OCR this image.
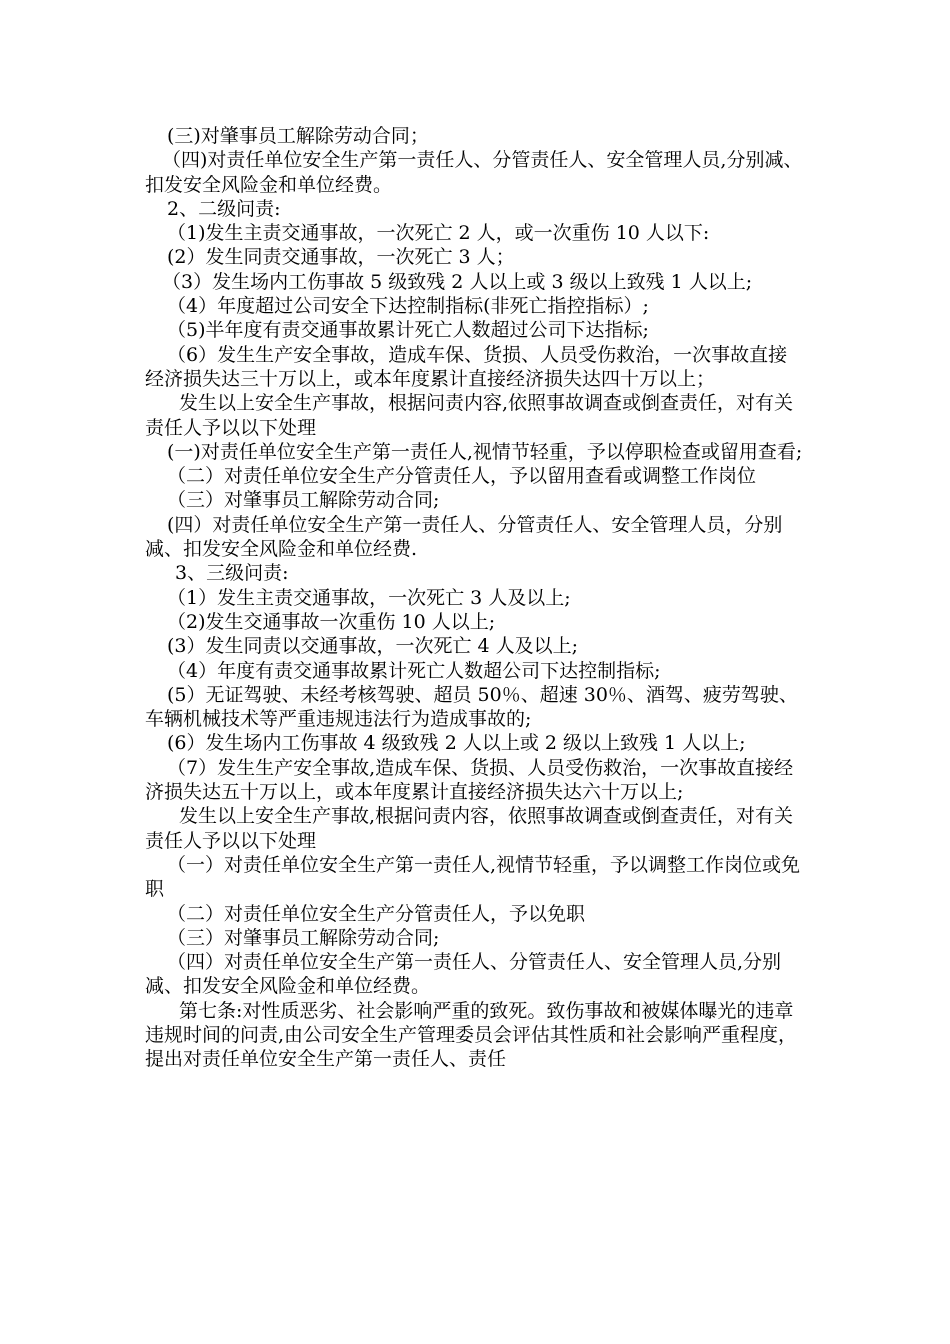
(三)对肇事员工解除劳动合同；

（四)对责任单位安全生产第一责任人、分管责任人、安全管理人员,分别减、扣发安全风险金和单位经费。

2、二级问责:

（1)发生主责交通事故，一次死亡 2 人，或一次重伤 10 人以下:

(2）发生同责交通事故，一次死亡 3 人；

（3）发生场内工伤事故 5 级致残 2 人以上或 3 级以上致残 1 人以上;

（4）年度超过公司安全下达控制指标(非死亡指控指标）;

（5)半年度有责交通事故累计死亡人数超过公司下达指标;

（6）发生生产安全事故，造成车保、货损、人员受伤救治，一次事故直接经济损失达三十万以上，或本年度累计直接经济损失达四十万以上；

发生以上安全生产事故，根据问责内容,依照事故调查或倒查责任，对有关责任人予以以下处理

(一)对责任单位安全生产第一责任人,视情节轻重，予以停职检查或留用查看;

（二）对责任单位安全生产分管责任人，予以留用查看或调整工作岗位

（三）对肇事员工解除劳动合同;

(四）对责任单位安全生产第一责任人、分管责任人、安全管理人员，分别减、扣发安全风险金和单位经费.

3、三级问责:

（1）发生主责交通事故，一次死亡 3 人及以上;

（2)发生交通事故一次重伤 10 人以上;

(3）发生同责以交通事故，一次死亡 4 人及以上;

（4）年度有责交通事故累计死亡人数超公司下达控制指标;

(5）无证驾驶、未经考核驾驶、超员 50％、超速 30％、酒驾、疲劳驾驶、车辆机械技术等严重违规违法行为造成事故的;

(6）发生场内工伤事故 4 级致残 2 人以上或 2 级以上致残 1 人以上;

（7）发生生产安全事故,造成车保、货损、人员受伤救治，一次事故直接经济损失达五十万以上，或本年度累计直接经济损失达六十万以上;

发生以上安全生产事故,根据问责内容，依照事故调查或倒查责任，对有关责任人予以以下处理

（一）对责任单位安全生产第一责任人,视情节轻重，予以调整工作岗位或免职

（二）对责任单位安全生产分管责任人，予以免职

（三）对肇事员工解除劳动合同;

（四）对责任单位安全生产第一责任人、分管责任人、安全管理人员,分别减、扣发安全风险金和单位经费。

第七条:对性质恶劣、社会影响严重的致死。致伤事故和被媒体曝光的违章违规时间的问责,由公司安全生产管理委员会评估其性质和社会影响严重程度，提出对责任单位安全生产第一责任人、责任
